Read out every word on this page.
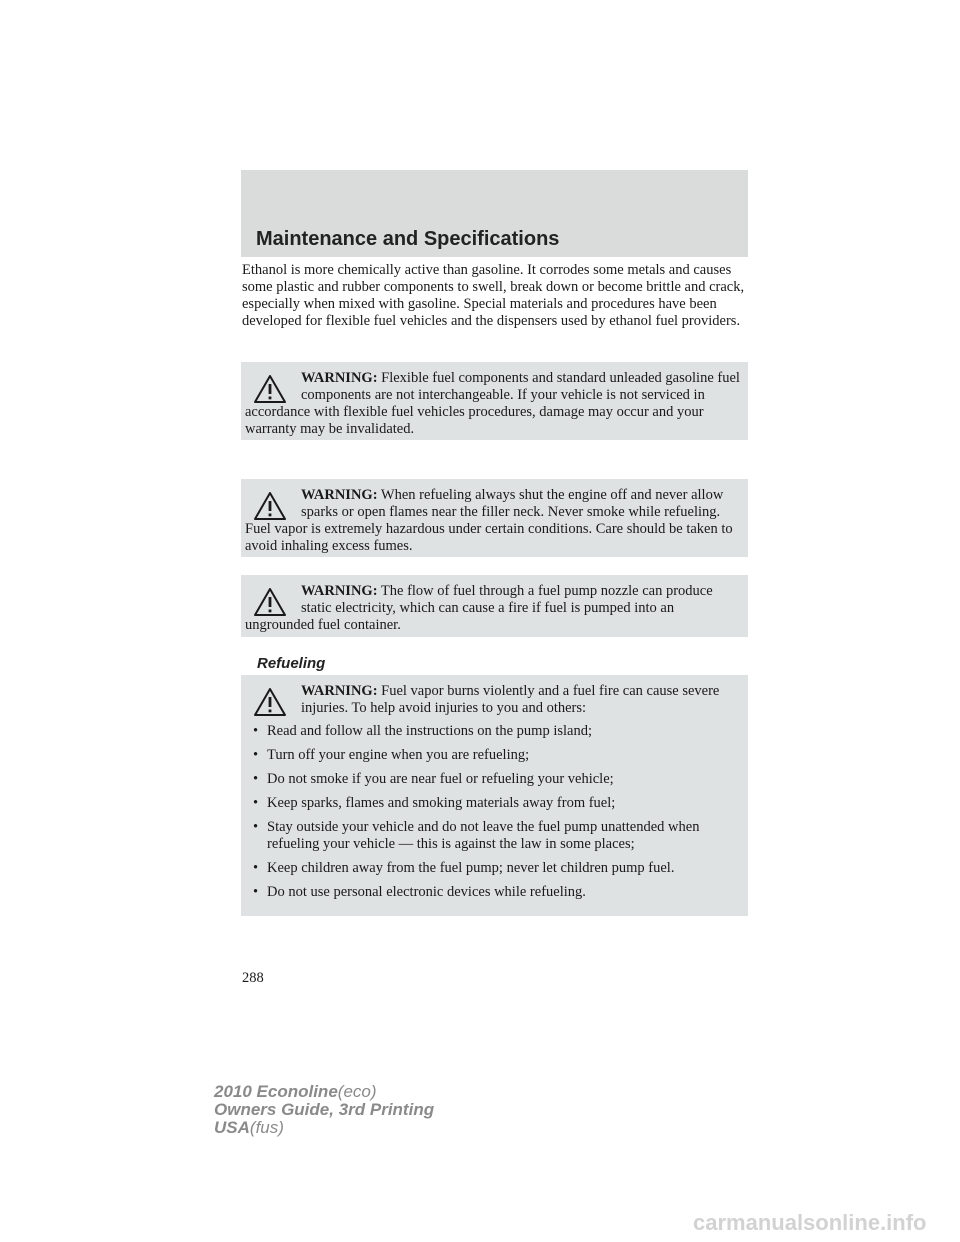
Maintenance and Specifications

Ethanol is more chemically active than gasoline. It corrodes some metals and causes some plastic and rubber components to swell, break down or become brittle and crack, especially when mixed with gasoline. Special materials and procedures have been developed for flexible fuel vehicles and the dispensers used by ethanol fuel providers.

WARNING: Flexible fuel components and standard unleaded gasoline fuel components are not interchangeable. If your vehicle is not serviced in accordance with flexible fuel vehicles procedures, damage may occur and your warranty may be invalidated.
WARNING: When refueling always shut the engine off and never allow sparks or open flames near the filler neck. Never smoke while refueling. Fuel vapor is extremely hazardous under certain conditions. Care should be taken to avoid inhaling excess fumes.
WARNING: The flow of fuel through a fuel pump nozzle can produce static electricity, which can cause a fire if fuel is pumped into an ungrounded fuel container.
Refueling
WARNING: Fuel vapor burns violently and a fuel fire can cause severe injuries. To help avoid injuries to you and others:
• Read and follow all the instructions on the pump island;
• Turn off your engine when you are refueling;
• Do not smoke if you are near fuel or refueling your vehicle;
• Keep sparks, flames and smoking materials away from fuel;
• Stay outside your vehicle and do not leave the fuel pump unattended when refueling your vehicle — this is against the law in some places;
• Keep children away from the fuel pump; never let children pump fuel.
• Do not use personal electronic devices while refueling.
288
2010 Econoline(eco)
Owners Guide, 3rd Printing
USA(fus)
carmanualsonline.info
